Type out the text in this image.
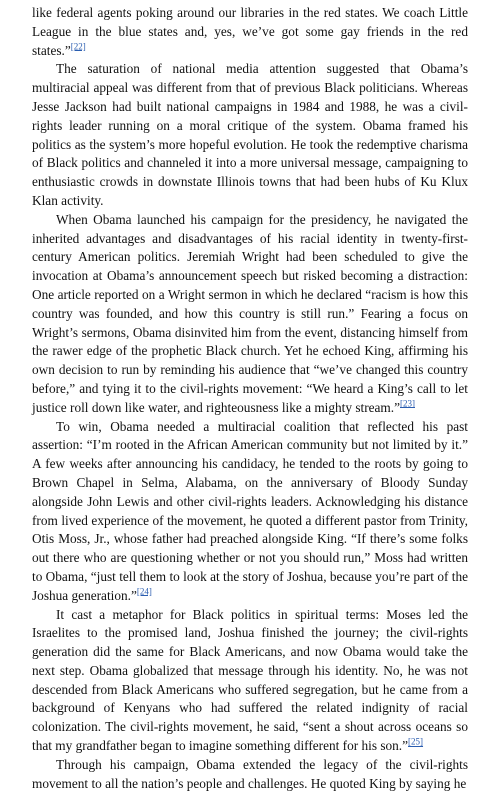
like federal agents poking around our libraries in the red states. We coach Little League in the blue states and, yes, we’ve got some gay friends in the red states.”[22]

The saturation of national media attention suggested that Obama’s multiracial appeal was different from that of previous Black politicians. Whereas Jesse Jackson had built national campaigns in 1984 and 1988, he was a civil-rights leader running on a moral critique of the system. Obama framed his politics as the system’s more hopeful evolution. He took the redemptive charisma of Black politics and channeled it into a more universal message, campaigning to enthusiastic crowds in downstate Illinois towns that had been hubs of Ku Klux Klan activity.

When Obama launched his campaign for the presidency, he navigated the inherited advantages and disadvantages of his racial identity in twenty-first-century American politics. Jeremiah Wright had been scheduled to give the invocation at Obama’s announcement speech but risked becoming a distraction: One article reported on a Wright sermon in which he declared “racism is how this country was founded, and how this country is still run.” Fearing a focus on Wright’s sermons, Obama disinvited him from the event, distancing himself from the rawer edge of the prophetic Black church. Yet he echoed King, affirming his own decision to run by reminding his audience that “we’ve changed this country before,” and tying it to the civil-rights movement: “We heard a King’s call to let justice roll down like water, and righteousness like a mighty stream.”[23]

To win, Obama needed a multiracial coalition that reflected his past assertion: “I’m rooted in the African American community but not limited by it.” A few weeks after announcing his candidacy, he tended to the roots by going to Brown Chapel in Selma, Alabama, on the anniversary of Bloody Sunday alongside John Lewis and other civil-rights leaders. Acknowledging his distance from lived experience of the movement, he quoted a different pastor from Trinity, Otis Moss, Jr., whose father had preached alongside King. “If there’s some folks out there who are questioning whether or not you should run,” Moss had written to Obama, “just tell them to look at the story of Joshua, because you’re part of the Joshua generation.”[24]

It cast a metaphor for Black politics in spiritual terms: Moses led the Israelites to the promised land, Joshua finished the journey; the civil-rights generation did the same for Black Americans, and now Obama would take the next step. Obama globalized that message through his identity. No, he was not descended from Black Americans who suffered segregation, but he came from a background of Kenyans who had suffered the related indignity of racial colonization. The civil-rights movement, he said, “sent a shout across oceans so that my grandfather began to imagine something different for his son.”[25]

Through his campaign, Obama extended the legacy of the civil-rights movement to all the nation’s people and challenges. He quoted King by saying he
